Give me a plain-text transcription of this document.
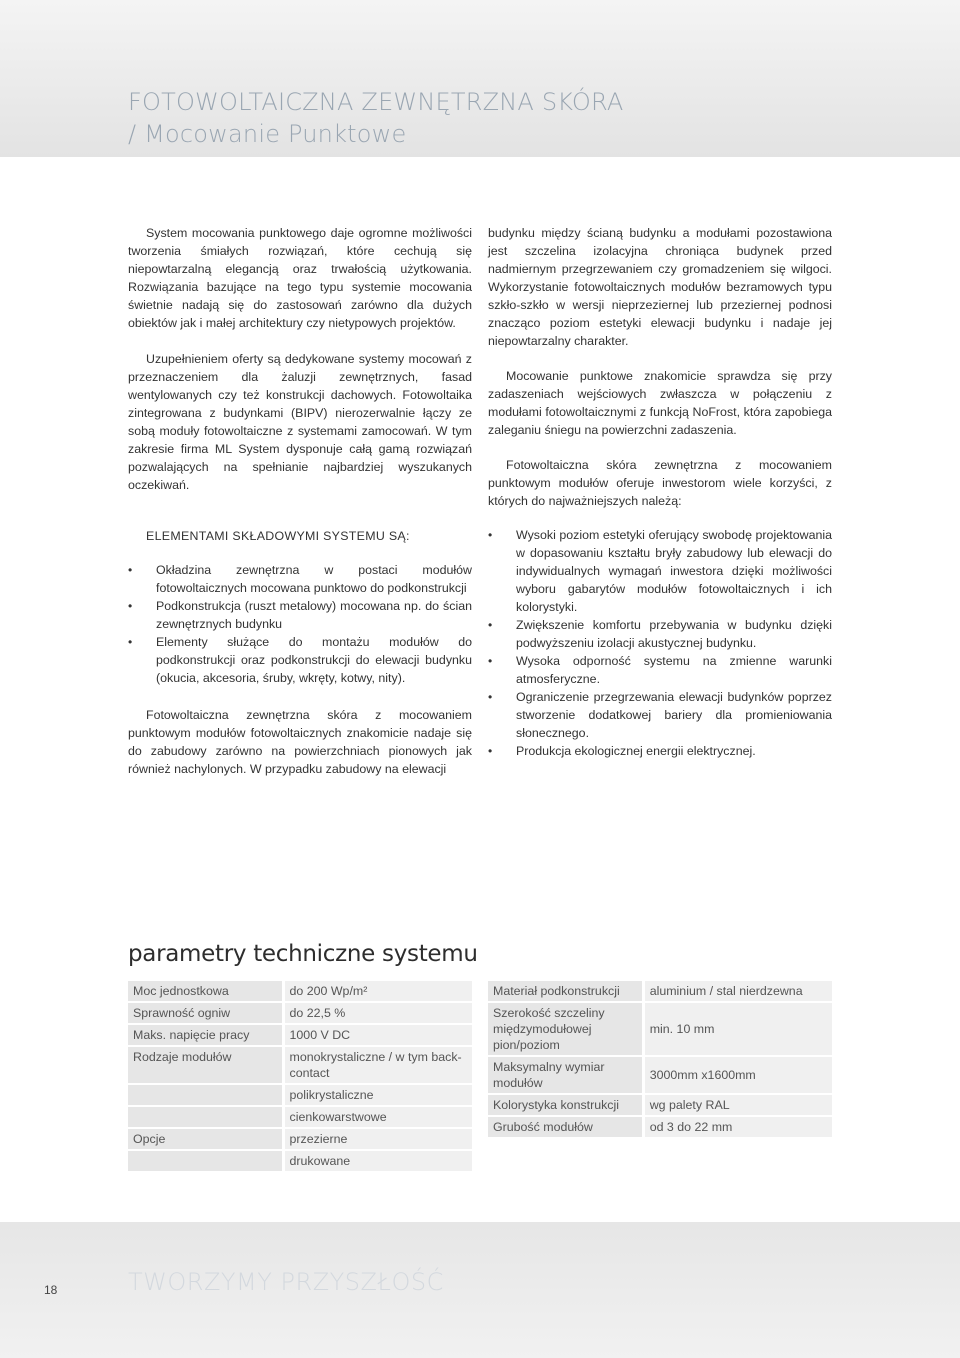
FOTOWOLTAICZNA ZEWNĘTRZNA SKÓRA
/ Mocowanie Punktowe

System mocowania punktowego daje ogromne możliwości tworzenia śmiałych rozwiązań, które cechują się niepowtarzalną elegancją oraz trwałością użytkowania. Rozwiązania bazujące na tego typu systemie mocowania świetnie nadają się do zastosowań zarówno dla dużych obiektów jak i małej architektury czy nietypowych projektów.

Uzupełnieniem oferty są dedykowane systemy mocowań z przeznaczeniem dla żaluzji zewnętrznych, fasad wentylowanych czy też konstrukcji dachowych. Fotowoltaika zintegrowana z budynkami (BIPV) nierozerwalnie łączy ze sobą moduły fotowoltaiczne z systemami zamocowań. W tym zakresie firma ML System dysponuje całą gamą rozwiązań pozwalających na spełnianie najbardziej wyszukanych oczekiwań.

budynku między ścianą budynku a modułami pozostawiona jest szczelina izolacyjna chroniąca budynek przed nadmiernym przegrzewaniem czy gromadzeniem się wilgoci. Wykorzystanie fotowoltaicznych modułów bezramowych typu szkło-szkło w wersji nieprzeziernej lub przeziernej podnosi znacząco poziom estetyki elewacji budynku i nadaje jej niepowtarzalny charakter.

Mocowanie punktowe znakomicie sprawdza się przy zadaszeniach wejściowych zwłaszcza w połączeniu z modułami fotowoltaicznymi z funkcją NoFrost, która zapobiega zaleganiu śniegu na powierzchni zadaszenia.

Fotowoltaiczna skóra zewnętrzna z mocowaniem punktowym modułów oferuje inwestorom wiele korzyści, z których do najważniejszych należą:

ELEMENTAMI SKŁADOWYMI SYSTEMU SĄ:
• Okładzina zewnętrzna w postaci modułów fotowoltaicznych mocowana punktowo do podkonstrukcji
• Podkonstrukcja (ruszt metalowy) mocowana np. do ścian zewnętrznych budynku
• Elementy służące do montażu modułów do podkonstrukcji oraz podkonstrukcji do elewacji budynku (okucia, akcesoria, śruby, wkręty, kotwy, nity).

Fotowoltaiczna zewnętrzna skóra z mocowaniem punktowym modułów fotowoltaicznych znakomicie nadaje się do zabudowy zarówno na powierzchniach pionowych jak również nachylonych. W przypadku zabudowy na elewacji

• Wysoki poziom estetyki oferujący swobodę projektowania w dopasowaniu kształtu bryły zabudowy lub elewacji do indywidualnych wymagań inwestora dzięki możliwości wyboru gabarytów modułów fotowoltaicznych i ich kolorystyki.
• Zwiększenie komfortu przebywania w budynku dzięki podwyższeniu izolacji akustycznej budynku.
• Wysoka odporność systemu na zmienne warunki atmosferyczne.
• Ograniczenie przegrzewania elewacji budynków poprzez stworzenie dodatkowej bariery dla promieniowania słonecznego.
• Produkcja ekologicznej energii elektrycznej.
parametry techniczne systemu
Moc jednostkowa	do 200 Wp/m²
Sprawność ogniw	do 22,5 %
Maks. napięcie pracy	1000 V DC
Rodzaje modułów	monokrystaliczne / w tym back-contact
	polikrystaliczne
	cienkowarstwowe
Opcje	przezierne
	drukowane
Materiał podkonstrukcji	aluminium / stal nierdzewna
Szerokość szczeliny międzymodułowej pion/poziom	min. 10 mm
Maksymalny wymiar modułów	3000mm x1600mm
Kolorystyka konstrukcji	wg palety RAL
Grubość modułów	od 3 do 22 mm
18	TWORZYMY PRZYSZŁOŚĆ
